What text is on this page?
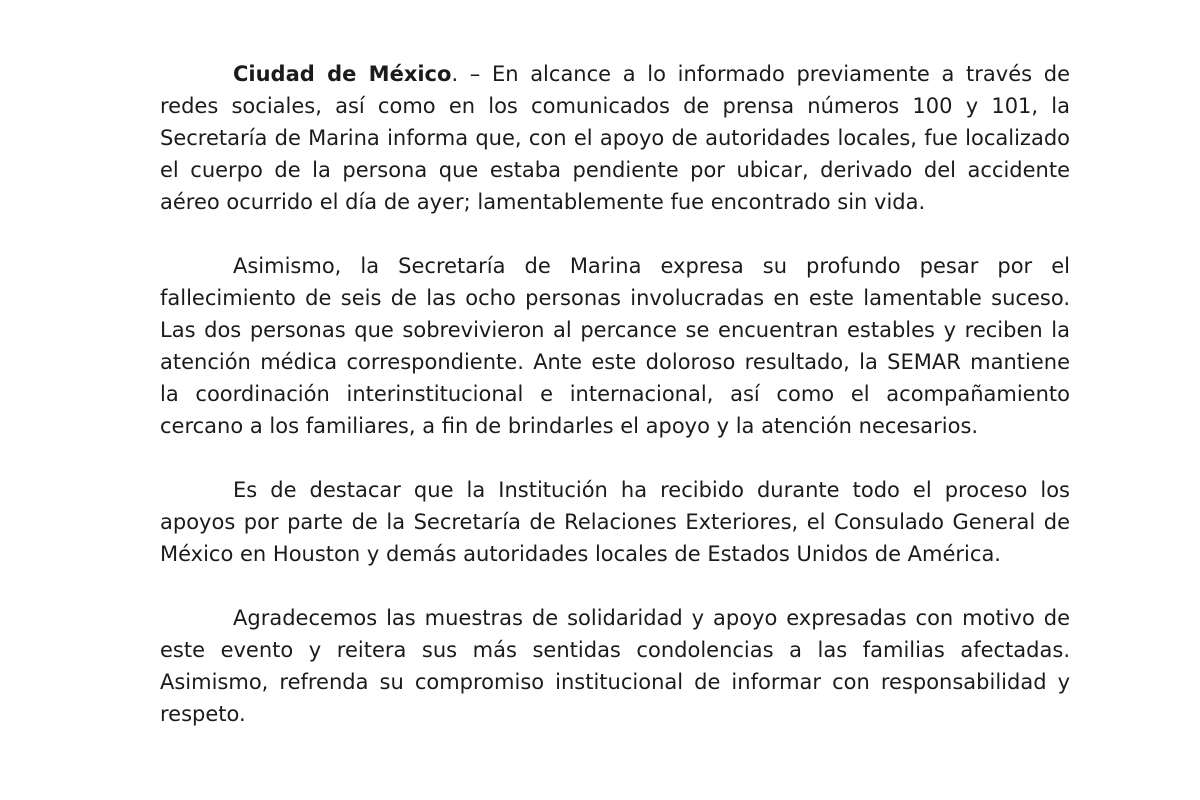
Ciudad de México. – En alcance a lo informado previamente a través de redes sociales, así como en los comunicados de prensa números 100 y 101, la Secretaría de Marina informa que, con el apoyo de autoridades locales, fue localizado el cuerpo de la persona que estaba pendiente por ubicar, derivado del accidente aéreo ocurrido el día de ayer; lamentablemente fue encontrado sin vida.

Asimismo, la Secretaría de Marina expresa su profundo pesar por el fallecimiento de seis de las ocho personas involucradas en este lamentable suceso. Las dos personas que sobrevivieron al percance se encuentran estables y reciben la atención médica correspondiente. Ante este doloroso resultado, la SEMAR mantiene la coordinación interinstitucional e internacional, así como el acompañamiento cercano a los familiares, a fin de brindarles el apoyo y la atención necesarios.

Es de destacar que la Institución ha recibido durante todo el proceso los apoyos por parte de la Secretaría de Relaciones Exteriores, el Consulado General de México en Houston y demás autoridades locales de Estados Unidos de América.

Agradecemos las muestras de solidaridad y apoyo expresadas con motivo de este evento y reitera sus más sentidas condolencias a las familias afectadas. Asimismo, refrenda su compromiso institucional de informar con responsabilidad y respeto.
